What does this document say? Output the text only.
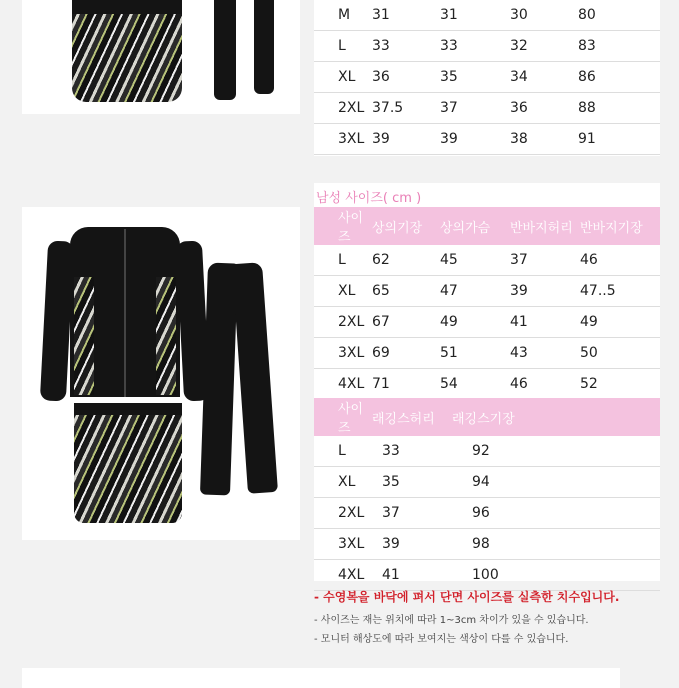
M	31	31	30	80
L	33	33	32	83
XL	36	35	34	86
2XL	37.5	37	36	88
3XL	39	39	38	91
남성 사이즈( cm )
사이즈	상의기장	상의가슴	반바지허리	반바지기장
L	62	45	37	46
XL	65	47	39	47..5
2XL	67	49	41	49
3XL	69	51	43	50
4XL	71	54	46	52
사이즈	래깅스허리	래깅스기장
L	33	92
XL	35	94
2XL	37	96
3XL	39	98
4XL	41	100
- 수영복을 바닥에 펴서 단면 사이즈를 실측한 치수입니다.
- 사이즈는 재는 위치에 따라 1~3cm 차이가 있을 수 있습니다.
- 모니터 해상도에 따라 보여지는 색상이 다를 수 있습니다.
